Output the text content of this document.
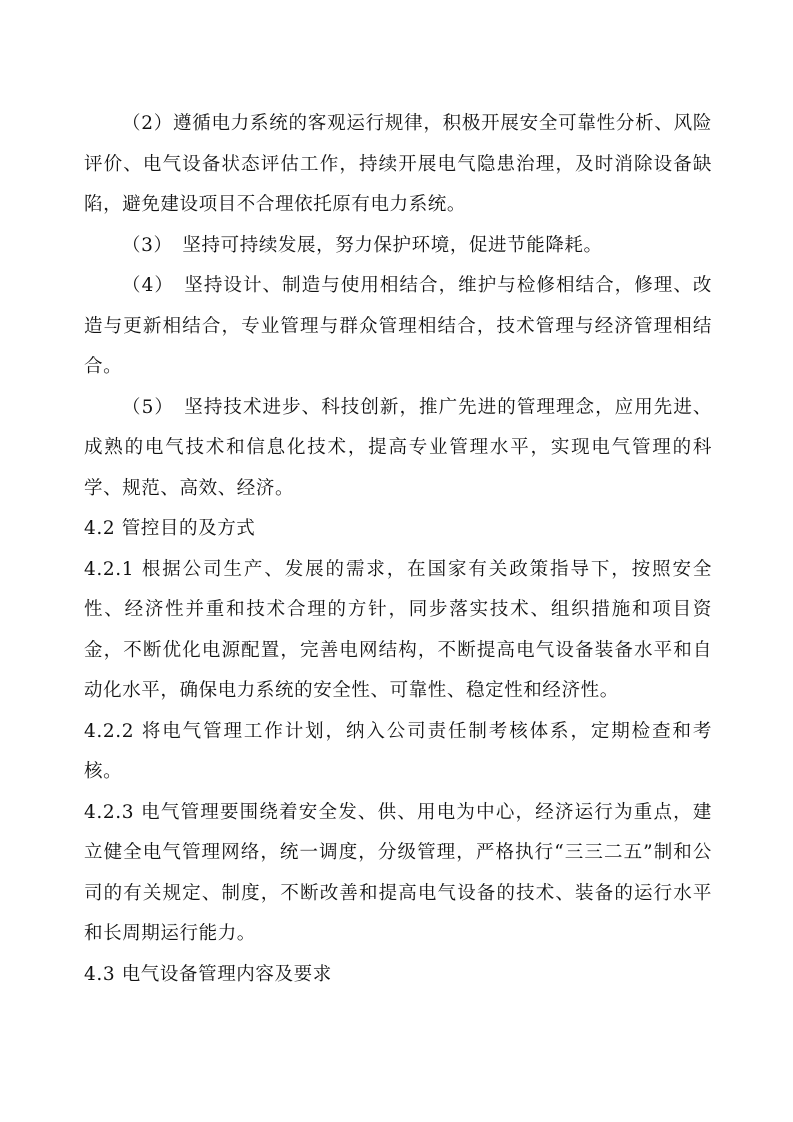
（2）遵循电力系统的客观运行规律，积极开展安全可靠性分析、风险评价、电气设备状态评估工作，持续开展电气隐患治理，及时消除设备缺陷，避免建设项目不合理依托原有电力系统。

（3）　坚持可持续发展，努力保护环境，促进节能降耗。

（4）　坚持设计、制造与使用相结合，维护与检修相结合，修理、改造与更新相结合，专业管理与群众管理相结合，技术管理与经济管理相结合。

（5）　坚持技术进步、科技创新，推广先进的管理理念，应用先进、成熟的电气技术和信息化技术，提高专业管理水平，实现电气管理的科学、规范、高效、经济。

4.2 管控目的及方式

4.2.1 根据公司生产、发展的需求，在国家有关政策指导下，按照安全性、经济性并重和技术合理的方针，同步落实技术、组织措施和项目资金，不断优化电源配置，完善电网结构，不断提高电气设备装备水平和自动化水平，确保电力系统的安全性、可靠性、稳定性和经济性。

4.2.2 将电气管理工作计划，纳入公司责任制考核体系，定期检查和考核。

4.2.3 电气管理要围绕着安全发、供、用电为中心，经济运行为重点，建立健全电气管理网络，统一调度，分级管理，严格执行“三三二五”制和公司的有关规定、制度，不断改善和提高电气设备的技术、装备的运行水平和长周期运行能力。

4.3 电气设备管理内容及要求
